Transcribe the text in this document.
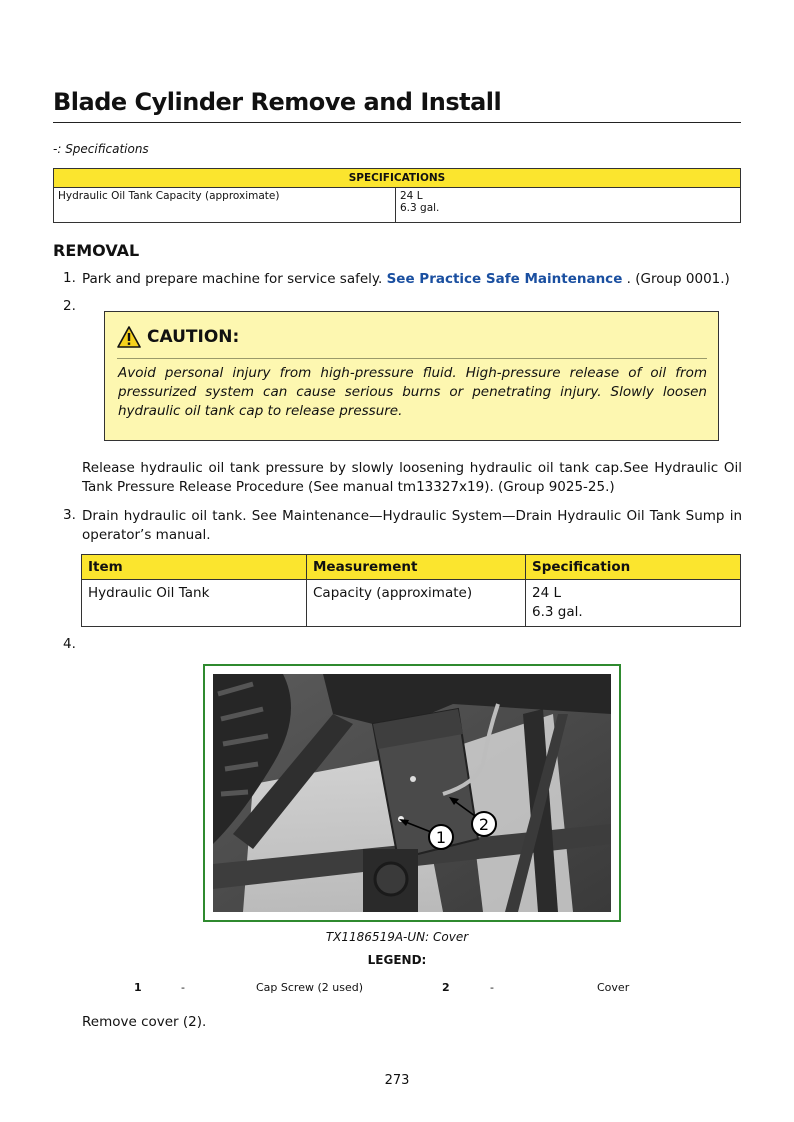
Blade Cylinder Remove and Install
-: Specifications
SPECIFICATIONS
Hydraulic Oil Tank Capacity (approximate)	24 L
6.3 gal.
REMOVAL
1. Park and prepare machine for service safely. See Practice Safe Maintenance . (Group 0001.)
2.
CAUTION:
Avoid personal injury from high-pressure fluid. High-pressure release of oil from pressurized system can cause serious burns or penetrating injury. Slowly loosen hydraulic oil tank cap to release pressure.
Release hydraulic oil tank pressure by slowly loosening hydraulic oil tank cap.See Hydraulic Oil Tank Pressure Release Procedure (See manual tm13327x19). (Group 9025-25.)
3. Drain hydraulic oil tank. See Maintenance—Hydraulic System—Drain Hydraulic Oil Tank Sump in operator’s manual.
Item	Measurement	Specification
Hydraulic Oil Tank	Capacity (approximate)	24 L
6.3 gal.
4.
1
2
TX1186519A-UN: Cover
LEGEND:
1	-	Cap Screw (2 used)	2	-	Cover
Remove cover (2).
273
